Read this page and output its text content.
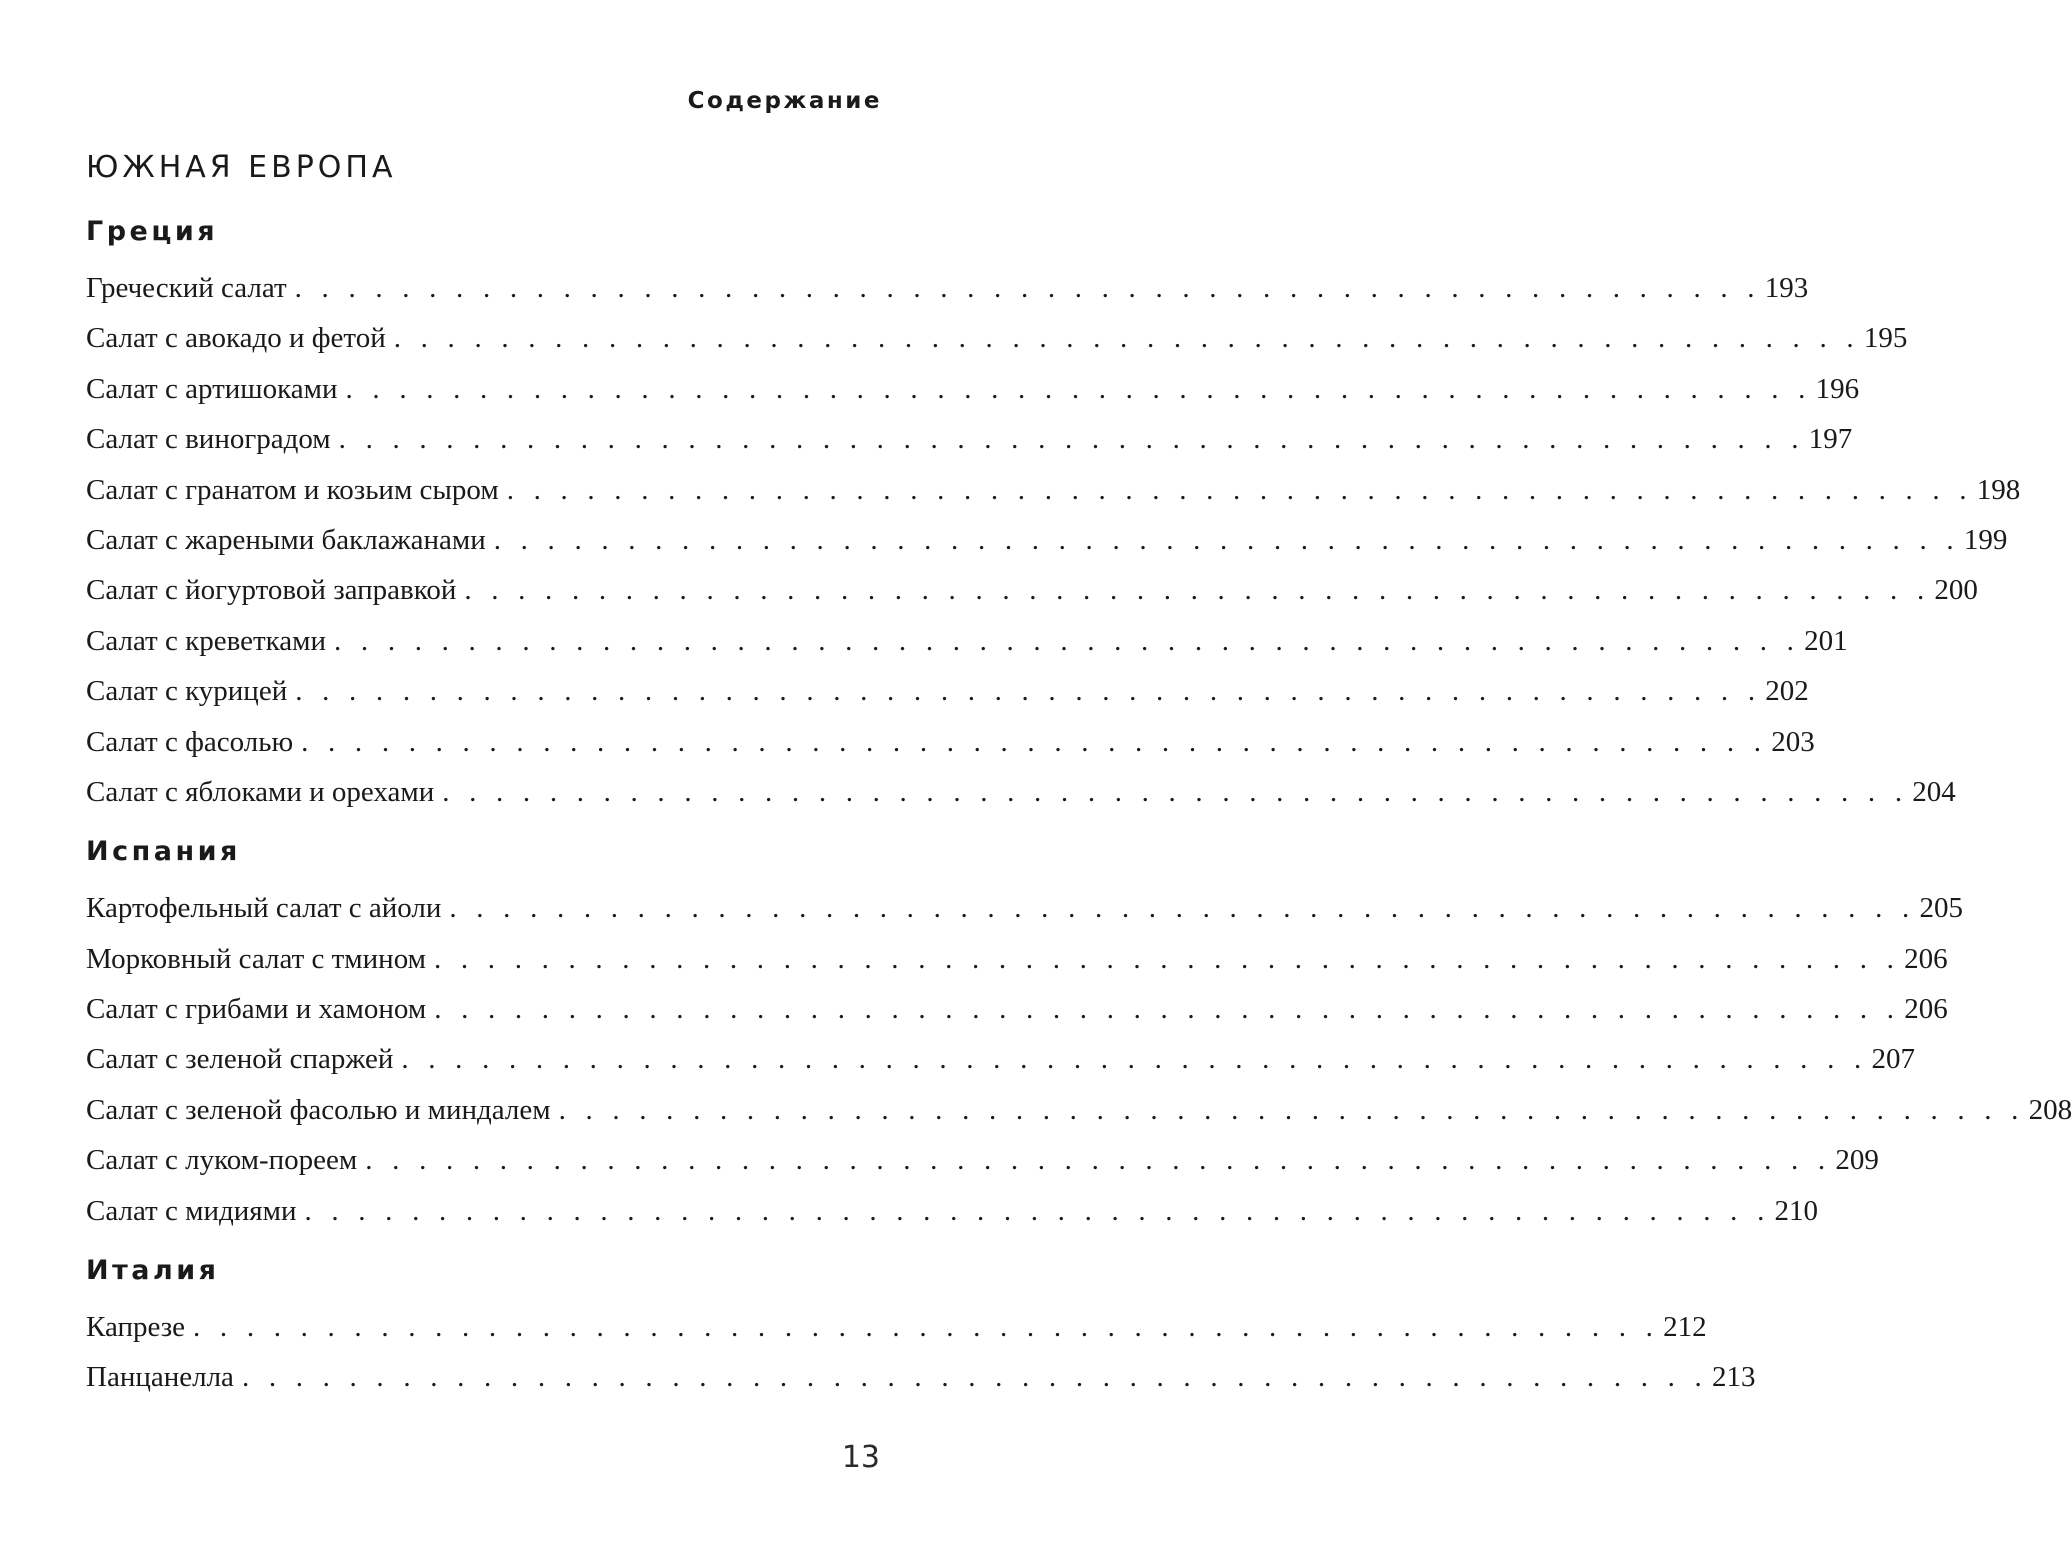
Содержание
ЮЖНАЯ ЕВРОПА
Греция
Греческий салат . . . . . . . . . . . . . . . . . . . . . . . . . . . . . . . . . . . . . . . . . . . . . . . . . . . . . . . 193
Салат с авокадо и фетой . . . . . . . . . . . . . . . . . . . . . . . . . . . . . . . . . . . . . . . . . . . . . . . . . . . . . . . 195
Салат с артишоками . . . . . . . . . . . . . . . . . . . . . . . . . . . . . . . . . . . . . . . . . . . . . . . . . . . . . . . 196
Салат с виноградом . . . . . . . . . . . . . . . . . . . . . . . . . . . . . . . . . . . . . . . . . . . . . . . . . . . . . . . 197
Салат с гранатом и козьим сыром . . . . . . . . . . . . . . . . . . . . . . . . . . . . . . . . . . . . . . . . . . . . . . . . . . . . . . . 198
Салат с жареными баклажанами . . . . . . . . . . . . . . . . . . . . . . . . . . . . . . . . . . . . . . . . . . . . . . . . . . . . . . . 199
Салат с йогуртовой заправкой . . . . . . . . . . . . . . . . . . . . . . . . . . . . . . . . . . . . . . . . . . . . . . . . . . . . . . . 200
Салат с креветками . . . . . . . . . . . . . . . . . . . . . . . . . . . . . . . . . . . . . . . . . . . . . . . . . . . . . . . 201
Салат с курицей . . . . . . . . . . . . . . . . . . . . . . . . . . . . . . . . . . . . . . . . . . . . . . . . . . . . . . . 202
Салат с фасолью . . . . . . . . . . . . . . . . . . . . . . . . . . . . . . . . . . . . . . . . . . . . . . . . . . . . . . . 203
Салат с яблоками и орехами . . . . . . . . . . . . . . . . . . . . . . . . . . . . . . . . . . . . . . . . . . . . . . . . . . . . . . . 204
Испания
Картофельный салат с айоли . . . . . . . . . . . . . . . . . . . . . . . . . . . . . . . . . . . . . . . . . . . . . . . . . . . . . . . 205
Морковный салат с тмином . . . . . . . . . . . . . . . . . . . . . . . . . . . . . . . . . . . . . . . . . . . . . . . . . . . . . . . 206
Салат с грибами и хамоном . . . . . . . . . . . . . . . . . . . . . . . . . . . . . . . . . . . . . . . . . . . . . . . . . . . . . . . 206
Салат с зеленой спаржей . . . . . . . . . . . . . . . . . . . . . . . . . . . . . . . . . . . . . . . . . . . . . . . . . . . . . . . 207
Салат с зеленой фасолью и миндалем . . . . . . . . . . . . . . . . . . . . . . . . . . . . . . . . . . . . . . . . . . . . . . . . . . . . . . . 208
Салат с луком-пореем . . . . . . . . . . . . . . . . . . . . . . . . . . . . . . . . . . . . . . . . . . . . . . . . . . . . . . . 209
Салат с мидиями . . . . . . . . . . . . . . . . . . . . . . . . . . . . . . . . . . . . . . . . . . . . . . . . . . . . . . . 210
Италия
Капрезе . . . . . . . . . . . . . . . . . . . . . . . . . . . . . . . . . . . . . . . . . . . . . . . . . . . . . . . 212
Панцанелла . . . . . . . . . . . . . . . . . . . . . . . . . . . . . . . . . . . . . . . . . . . . . . . . . . . . . . . 213
13
